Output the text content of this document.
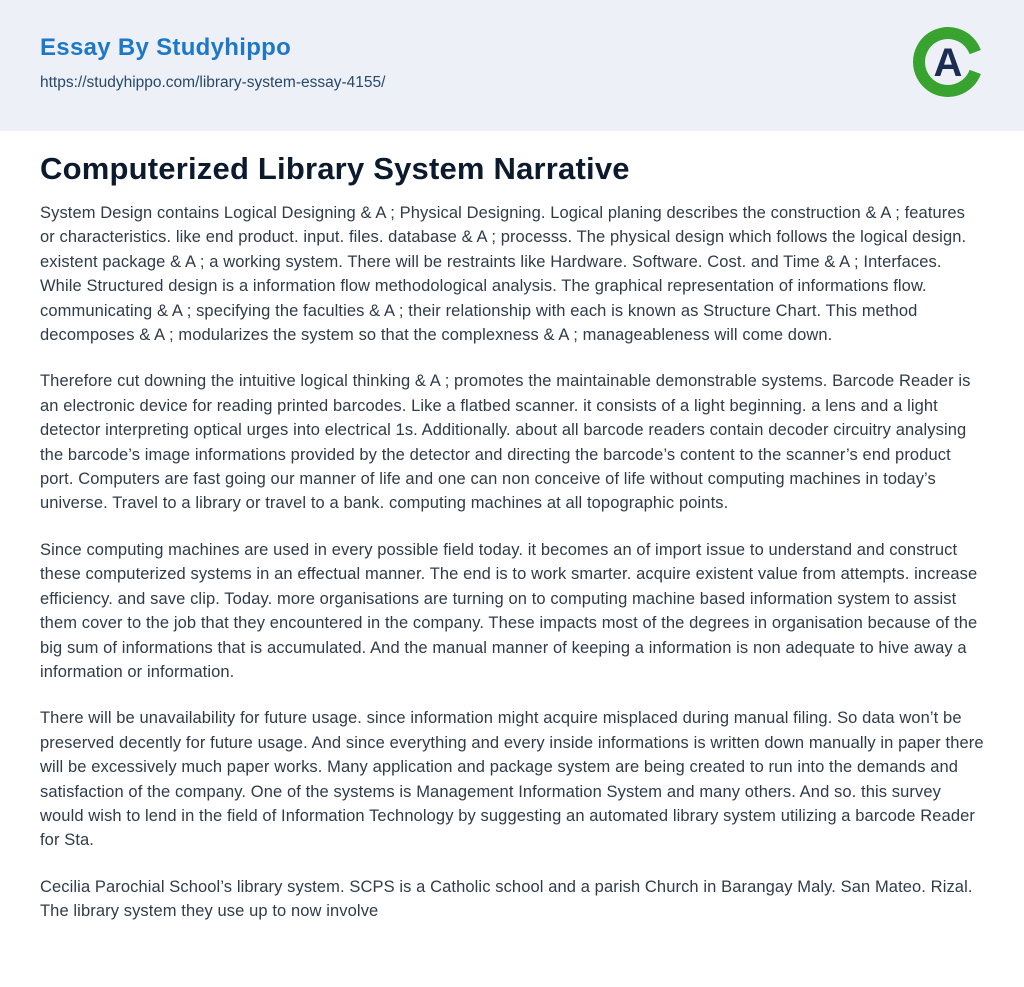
Essay By Studyhippo
https://studyhippo.com/library-system-essay-4155/	A
Computerized Library System Narrative

System Design contains Logical Designing & A ; Physical Designing. Logical planing describes the construction & A ; features or characteristics. like end product. input. files. database & A ; processs. The physical design which follows the logical design. existent package & A ; a working system. There will be restraints like Hardware. Software. Cost. and Time & A ; Interfaces. While Structured design is a information flow methodological analysis. The graphical representation of informations flow. communicating & A ; specifying the faculties & A ; their relationship with each is known as Structure Chart. This method decomposes & A ; modularizes the system so that the complexness & A ; manageableness will come down.

Therefore cut downing the intuitive logical thinking & A ; promotes the maintainable demonstrable systems. Barcode Reader is an electronic device for reading printed barcodes. Like a flatbed scanner. it consists of a light beginning. a lens and a light detector interpreting optical urges into electrical 1s. Additionally. about all barcode readers contain decoder circuitry analysing the barcode’s image informations provided by the detector and directing the barcode’s content to the scanner’s end product port. Computers are fast going our manner of life and one can non conceive of life without computing machines in today’s universe. Travel to a library or travel to a bank. computing machines at all topographic points.

Since computing machines are used in every possible field today. it becomes an of import issue to understand and construct these computerized systems in an effectual manner. The end is to work smarter. acquire existent value from attempts. increase efficiency. and save clip. Today. more organisations are turning on to computing machine based information system to assist them cover to the job that they encountered in the company. These impacts most of the degrees in organisation because of the big sum of informations that is accumulated. And the manual manner of keeping a information is non adequate to hive away a information or information.

There will be unavailability for future usage. since information might acquire misplaced during manual filing. So data won’t be preserved decently for future usage. And since everything and every inside informations is written down manually in paper there will be excessively much paper works. Many application and package system are being created to run into the demands and satisfaction of the company. One of the systems is Management Information System and many others. And so. this survey would wish to lend in the field of Information Technology by suggesting an automated library system utilizing a barcode Reader for Sta.

Cecilia Parochial School’s library system. SCPS is a Catholic school and a parish Church in Barangay Maly. San Mateo. Rizal. The library system they use up to now involve
